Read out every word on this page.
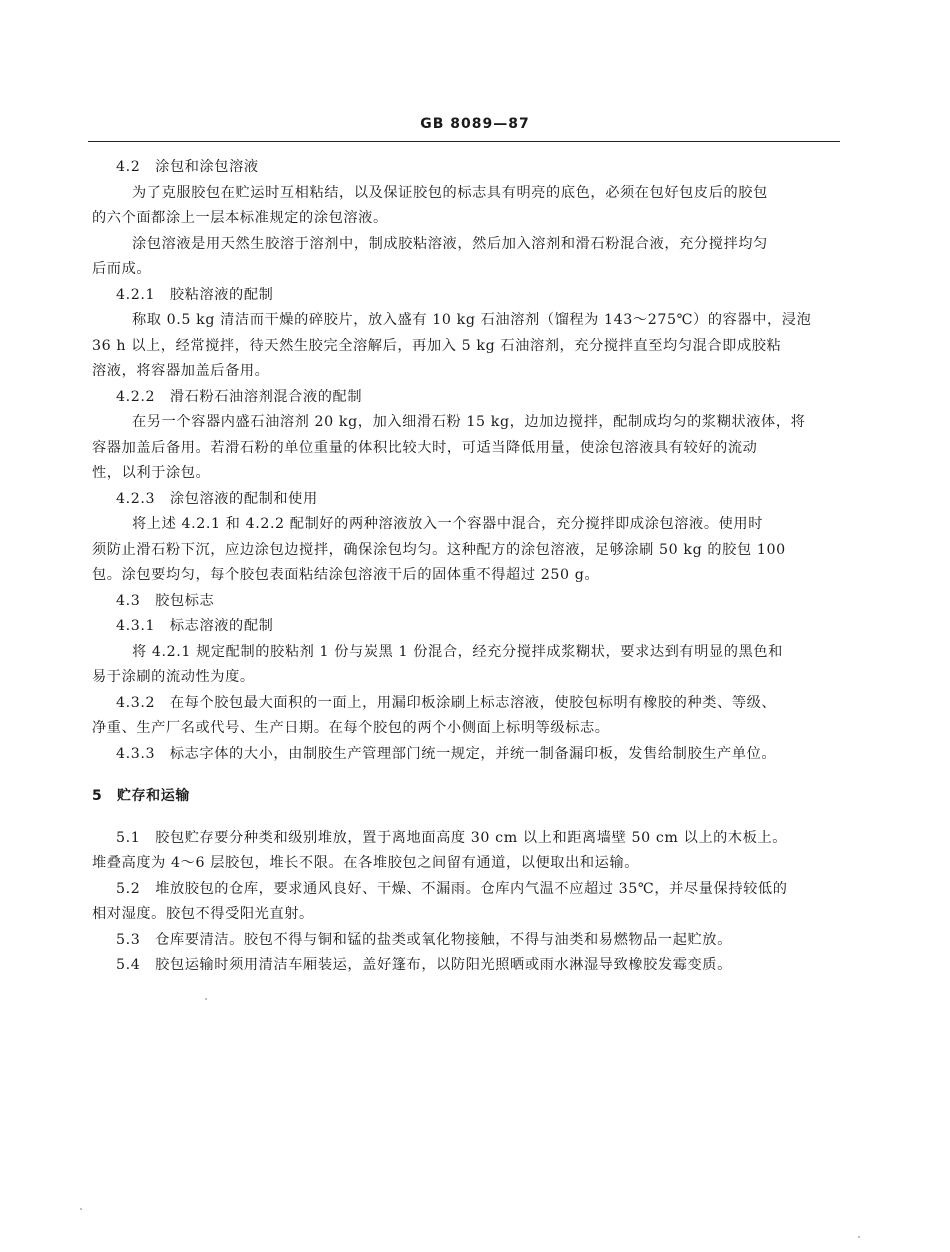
GB 8089—87
4.2　涂包和涂包溶液
为了克服胶包在贮运时互相粘结，以及保证胶包的标志具有明亮的底色，必须在包好包皮后的胶包
的六个面都涂上一层本标准规定的涂包溶液。
涂包溶液是用天然生胶溶于溶剂中，制成胶粘溶液，然后加入溶剂和滑石粉混合液，充分搅拌均匀
后而成。
4.2.1　胶粘溶液的配制
称取 0.5 kg 清洁而干燥的碎胶片，放入盛有 10 kg 石油溶剂（馏程为 143～275℃）的容器中，浸泡
36 h 以上，经常搅拌，待天然生胶完全溶解后，再加入 5 kg 石油溶剂，充分搅拌直至均匀混合即成胶粘
溶液，将容器加盖后备用。
4.2.2　滑石粉石油溶剂混合液的配制
在另一个容器内盛石油溶剂 20 kg，加入细滑石粉 15 kg，边加边搅拌，配制成均匀的浆糊状液体，将
容器加盖后备用。若滑石粉的单位重量的体积比较大时，可适当降低用量，使涂包溶液具有较好的流动
性，以利于涂包。
4.2.3　涂包溶液的配制和使用
将上述 4.2.1 和 4.2.2 配制好的两种溶液放入一个容器中混合，充分搅拌即成涂包溶液。使用时
须防止滑石粉下沉，应边涂包边搅拌，确保涂包均匀。这种配方的涂包溶液，足够涂刷 50 kg 的胶包 100
包。涂包要均匀，每个胶包表面粘结涂包溶液干后的固体重不得超过 250 g。
4.3　胶包标志
4.3.1　标志溶液的配制
将 4.2.1 规定配制的胶粘剂 1 份与炭黑 1 份混合，经充分搅拌成浆糊状，要求达到有明显的黑色和
易于涂刷的流动性为度。
4.3.2　在每个胶包最大面积的一面上，用漏印板涂刷上标志溶液，使胶包标明有橡胶的种类、等级、
净重、生产厂名或代号、生产日期。在每个胶包的两个小侧面上标明等级标志。
4.3.3　标志字体的大小，由制胶生产管理部门统一规定，并统一制备漏印板，发售给制胶生产单位。
5　贮存和运输
5.1　胶包贮存要分种类和级别堆放，置于离地面高度 30 cm 以上和距离墙壁 50 cm 以上的木板上。
堆叠高度为 4～6 层胶包，堆长不限。在各堆胶包之间留有通道，以便取出和运输。
5.2　堆放胶包的仓库，要求通风良好、干燥、不漏雨。仓库内气温不应超过 35℃，并尽量保持较低的
相对湿度。胶包不得受阳光直射。
5.3　仓库要清洁。胶包不得与铜和锰的盐类或氧化物接触，不得与油类和易燃物品一起贮放。
5.4　胶包运输时须用清洁车厢装运，盖好篷布，以防阳光照晒或雨水淋湿导致橡胶发霉变质。
